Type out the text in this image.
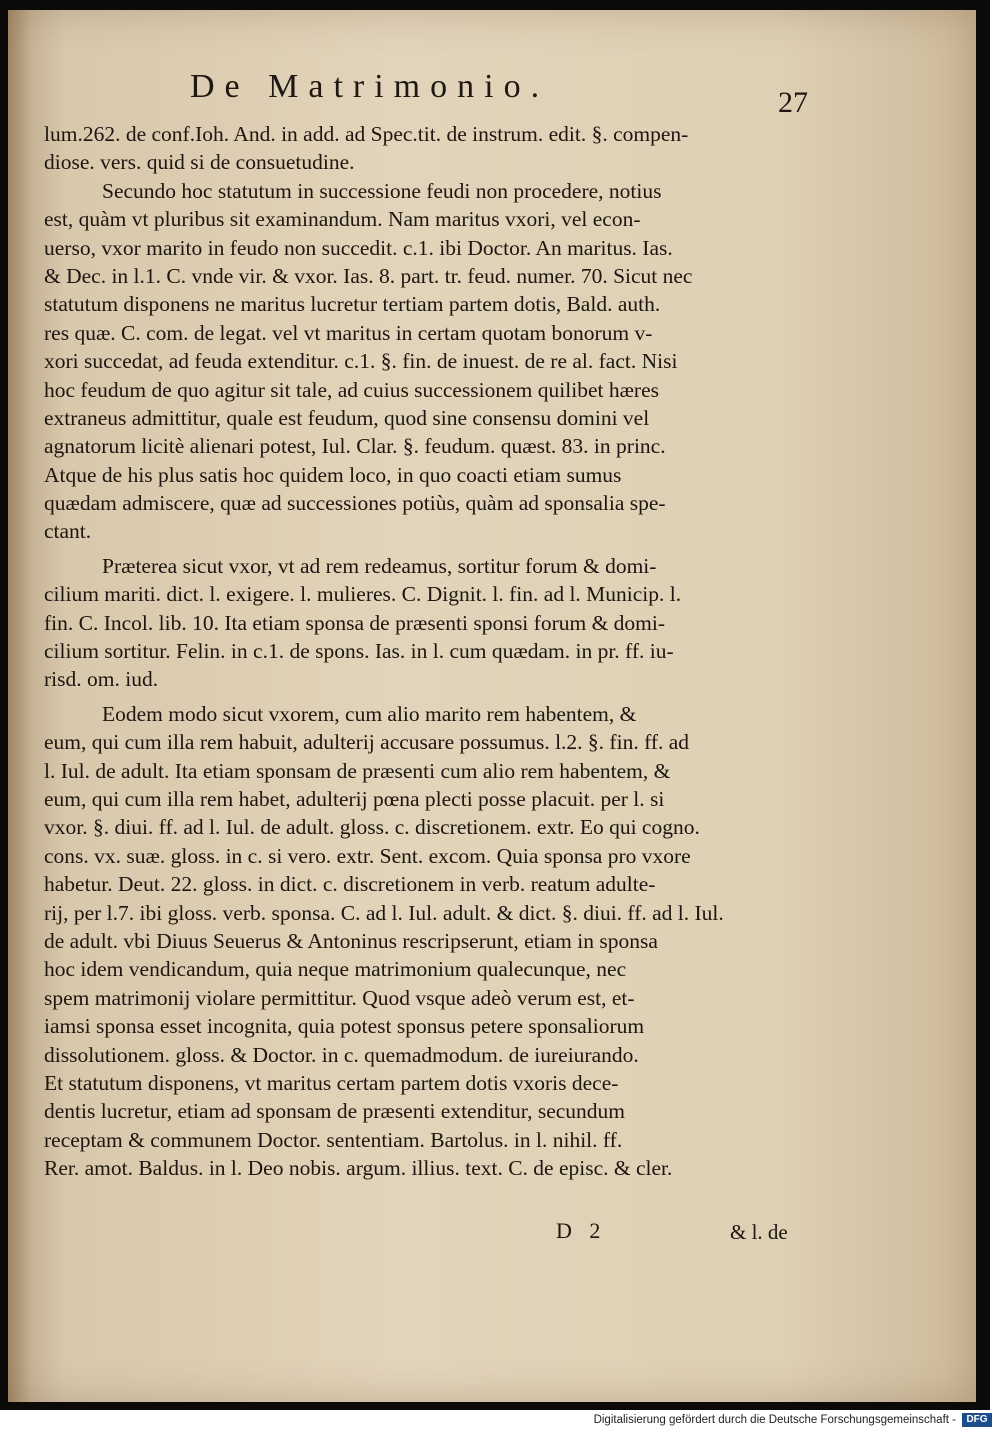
De Matrimonio.	27
lum.262. de conf.Ioh. And. in add. ad Spec.tit. de instrum. edit. §. compen-
diose. vers. quid si de consuetudine.
Secundo hoc statutum in successione feudi non procedere, notius
est, quàm vt pluribus sit examinandum. Nam maritus vxori, vel econ-
uerso, vxor marito in feudo non succedit. c.1. ibi Doctor. An maritus. Ias.
& Dec. in l.1. C. vnde vir. & vxor. Ias. 8. part. tr. feud. numer. 70. Sicut nec
statutum disponens ne maritus lucretur tertiam partem dotis, Bald. auth.
res quæ. C. com. de legat. vel vt maritus in certam quotam bonorum v-
xori succedat, ad feuda extenditur. c.1. §. fin. de inuest. de re al. fact. Nisi
hoc feudum de quo agitur sit tale, ad cuius successionem quilibet hæres
extraneus admittitur, quale est feudum, quod sine consensu domini vel
agnatorum licitè alienari potest, Iul. Clar. §. feudum. quæst. 83. in princ.
Atque de his plus satis hoc quidem loco, in quo coacti etiam sumus
quædam admiscere, quæ ad successiones potiùs, quàm ad sponsalia spe-
ctant.
Præterea sicut vxor, vt ad rem redeamus, sortitur forum & domi-
cilium mariti. dict. l. exigere. l. mulieres. C. Dignit. l. fin. ad l. Municip. l.
fin. C. Incol. lib. 10. Ita etiam sponsa de præsenti sponsi forum & domi-
cilium sortitur. Felin. in c.1. de spons. Ias. in l. cum quædam. in pr. ff. iu-
risd. om. iud.
Eodem modo sicut vxorem, cum alio marito rem habentem, &
eum, qui cum illa rem habuit, adulterij accusare possumus. l.2. §. fin. ff. ad
l. Iul. de adult. Ita etiam sponsam de præsenti cum alio rem habentem, &
eum, qui cum illa rem habet, adulterij pœna plecti posse placuit. per l. si
vxor. §. diui. ff. ad l. Iul. de adult. gloss. c. discretionem. extr. Eo qui cogno.
cons. vx. suæ. gloss. in c. si vero. extr. Sent. excom. Quia sponsa pro vxore
habetur. Deut. 22. gloss. in dict. c. discretionem in verb. reatum adulte-
rij, per l.7. ibi gloss. verb. sponsa. C. ad l. Iul. adult. & dict. §. diui. ff. ad l. Iul.
de adult. vbi Diuus Seuerus & Antoninus rescripserunt, etiam in sponsa
hoc idem vendicandum, quia neque matrimonium qualecunque, nec
spem matrimonij violare permittitur. Quod vsque adeò verum est, et-
iamsi sponsa esset incognita, quia potest sponsus petere sponsaliorum
dissolutionem. gloss. & Doctor. in c. quemadmodum. de iureiurando.
Et statutum disponens, vt maritus certam partem dotis vxoris dece-
dentis lucretur, etiam ad sponsam de præsenti extenditur, secundum
receptam & communem Doctor. sententiam. Bartolus. in l. nihil. ff.
Rer. amot. Baldus. in l. Deo nobis. argum. illius. text. C. de episc. & cler.
D 2	& l. de
Digitalisierung gefördert durch die Deutsche Forschungsgemeinschaft -	DFG
